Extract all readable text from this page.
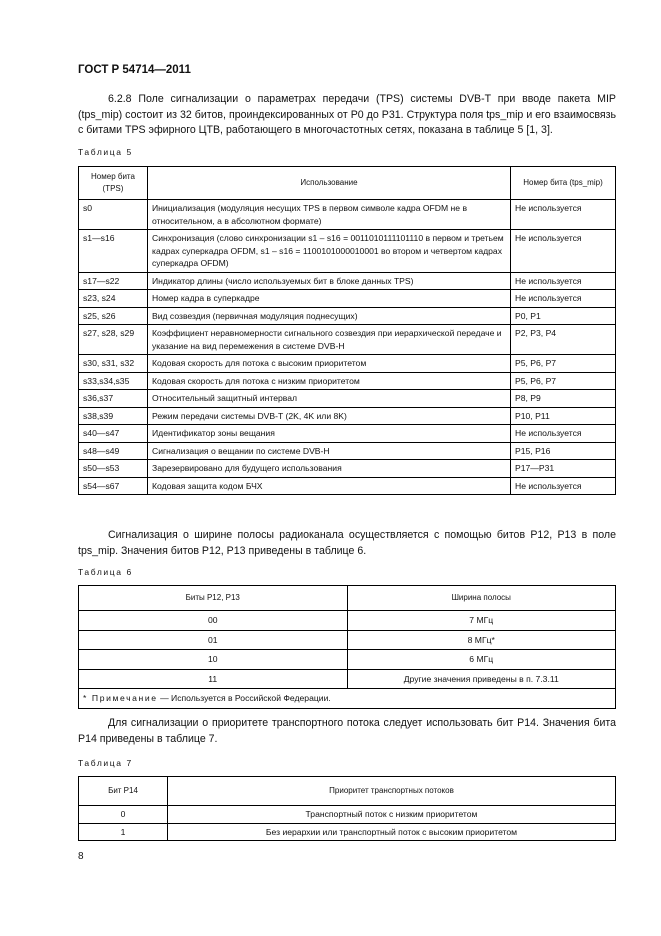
ГОСТ Р 54714—2011
6.2.8 Поле сигнализации о параметрах передачи (TPS) системы DVB-T при вводе пакета MIP (tps_mip) состоит из 32 битов, проиндексированных от P0 до P31. Структура поля tps_mip и его взаимосвязь с битами TPS эфирного ЦТВ, работающего в многочастотных сетях, показана в таблице 5 [1, 3].
Таблица 5
Номер бита (TPS)	Использование	Номер бита (tps_mip)
s0	Инициализация (модуляция несущих TPS в первом символе кадра OFDM не в относительном, а в абсолютном формате)	Не используется
s1—s16	Синхронизация (слово синхронизации s1 – s16 = 0011010111101110 в первом и третьем кадрах суперкадра OFDM, s1 – s16 = 1100101000010001 во втором и четвертом кадрах суперкадра OFDM)	Не используется
s17—s22	Индикатор длины (число используемых бит в блоке данных TPS)	Не используется
s23, s24	Номер кадра в суперкадре	Не используется
s25, s26	Вид созвездия (первичная модуляция поднесущих)	P0, P1
s27, s28, s29	Коэффициент неравномерности сигнального созвездия при иерархической передаче и указание на вид перемежения в системе DVB-H	P2, P3, P4
s30, s31, s32	Кодовая скорость для потока с высоким приоритетом	P5, P6, P7
s33,s34,s35	Кодовая скорость для потока с низким приоритетом	P5, P6, P7
s36,s37	Относительный защитный интервал	P8, P9
s38,s39	Режим передачи системы DVB-T (2K, 4K или 8K)	P10, P11
s40—s47	Идентификатор зоны вещания	Не используется
s48—s49	Сигнализация о вещании по системе DVB-H	P15, P16
s50—s53	Зарезервировано для будущего использования	P17—P31
s54—s67	Кодовая защита кодом БЧХ	Не используется
Сигнализация о ширине полосы радиоканала осуществляется с помощью битов P12, P13 в поле tps_mip. Значения битов P12, P13 приведены в таблице 6.
Таблица 6
Биты P12, P13	Ширина полосы
00	7 МГц
01	8 МГц*
10	6 МГц
11	Другие значения приведены в п. 7.3.11
* Примечание — Используется в Российской Федерации.	
Для сигнализации о приоритете транспортного потока следует использовать бит P14. Значения бита P14 приведены в таблице 7.
Таблица 7
Бит P14	Приоритет транспортных потоков
0	Транспортный поток с низким приоритетом
1	Без иерархии или транспортный поток с высоким приоритетом
8
